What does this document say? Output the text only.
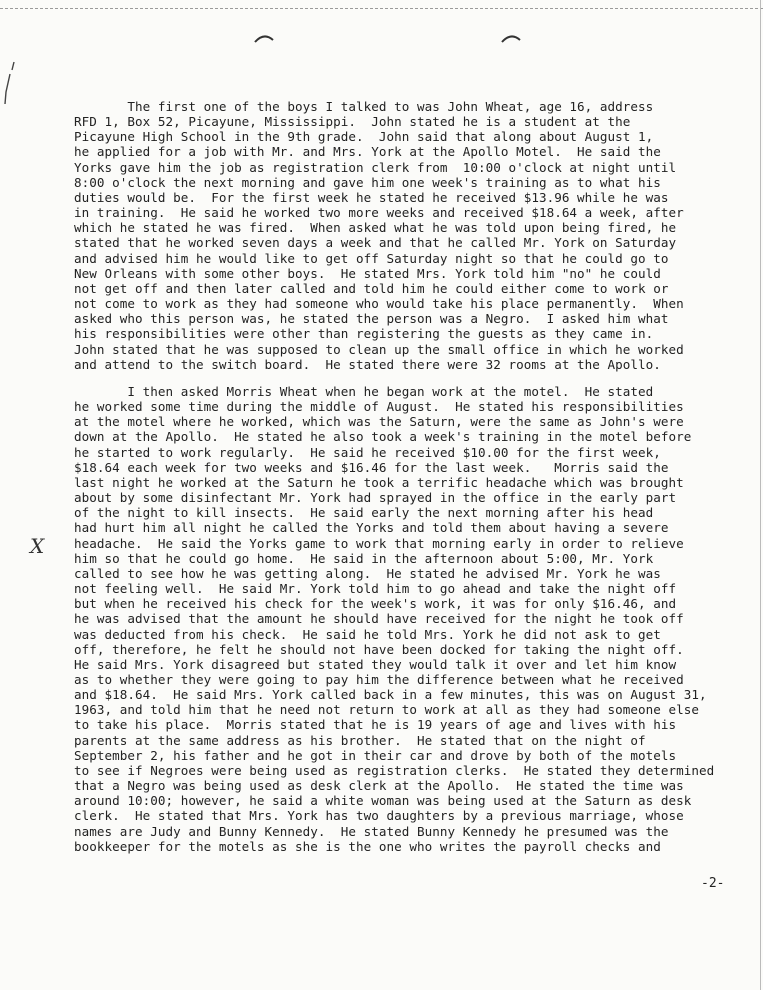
The first one of the boys I talked to was John Wheat, age 16, address
RFD 1, Box 52, Picayune, Mississippi.  John stated he is a student at the
Picayune High School in the 9th grade.  John said that along about August 1,
he applied for a job with Mr. and Mrs. York at the Apollo Motel.  He said the
Yorks gave him the job as registration clerk from  10:00 o'clock at night until
8:00 o'clock the next morning and gave him one week's training as to what his
duties would be.  For the first week he stated he received $13.96 while he was
in training.  He said he worked two more weeks and received $18.64 a week, after
which he stated he was fired.  When asked what he was told upon being fired, he
stated that he worked seven days a week and that he called Mr. York on Saturday
and advised him he would like to get off Saturday night so that he could go to
New Orleans with some other boys.  He stated Mrs. York told him "no" he could
not get off and then later called and told him he could either come to work or
not come to work as they had someone who would take his place permanently.  When
asked who this person was, he stated the person was a Negro.  I asked him what
his responsibilities were other than registering the guests as they came in.
John stated that he was supposed to clean up the small office in which he worked
and attend to the switch board.  He stated there were 32 rooms at the Apollo.
I then asked Morris Wheat when he began work at the motel.  He stated
he worked some time during the middle of August.  He stated his responsibilities
at the motel where he worked, which was the Saturn, were the same as John's were
down at the Apollo.  He stated he also took a week's training in the motel before
he started to work regularly.  He said he received $10.00 for the first week,
$18.64 each week for two weeks and $16.46 for the last week.   Morris said the
last night he worked at the Saturn he took a terrific headache which was brought
about by some disinfectant Mr. York had sprayed in the office in the early part
of the night to kill insects.  He said early the next morning after his head
had hurt him all night he called the Yorks and told them about having a severe
headache.  He said the Yorks game to work that morning early in order to relieve
him so that he could go home.  He said in the afternoon about 5:00, Mr. York
called to see how he was getting along.  He stated he advised Mr. York he was
not feeling well.  He said Mr. York told him to go ahead and take the night off
but when he received his check for the week's work, it was for only $16.46, and
he was advised that the amount he should have received for the night he took off
was deducted from his check.  He said he told Mrs. York he did not ask to get
off, therefore, he felt he should not have been docked for taking the night off.
He said Mrs. York disagreed but stated they would talk it over and let him know
as to whether they were going to pay him the difference between what he received
and $18.64.  He said Mrs. York called back in a few minutes, this was on August 31,
1963, and told him that he need not return to work at all as they had someone else
to take his place.  Morris stated that he is 19 years of age and lives with his
parents at the same address as his brother.  He stated that on the night of
September 2, his father and he got in their car and drove by both of the motels
to see if Negroes were being used as registration clerks.  He stated they determined
that a Negro was being used as desk clerk at the Apollo.  He stated the time was
around 10:00; however, he said a white woman was being used at the Saturn as desk
clerk.  He stated that Mrs. York has two daughters by a previous marriage, whose
names are Judy and Bunny Kennedy.  He stated Bunny Kennedy he presumed was the
bookkeeper for the motels as she is the one who writes the payroll checks and
X
-2-
